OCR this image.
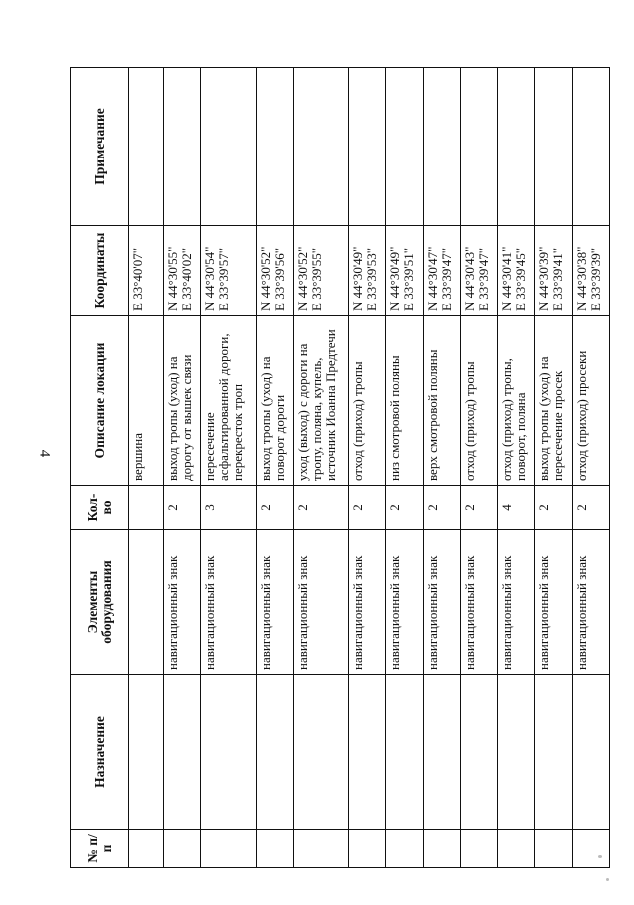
4
№ п/п	Назначение	Элементы оборудования	Кол-во	Описание локации	Координаты	Примечание
				вершина	E 33°40'07"	

		навигационный знак	2	выход тропы (уход) на дорогу от вышек связи	N 44°30'55" E 33°40'02"	

		навигационный знак	3	пересечение асфальтированной дороги, перекресток троп	N 44°30'54" E 33°39'57"	

		навигационный знак	2	выход тропы (уход) на поворот дороги	N 44°30'52" E 33°39'56"	

		навигационный знак	2	уход (выход) с дороги на тропу, поляна, купель, источник Иоанна Предтечи	N 44°30'52" E 33°39'55"	

		навигационный знак	2	отход (приход) тропы	N 44°30'49" E 33°39'53"	

		навигационный знак	2	низ смотровой поляны	N 44°30'49" E 33°39'51"	

		навигационный знак	2	верх смотровой поляны	N 44°30'47" E 33°39'47"	

		навигационный знак	2	отход (приход) тропы	N 44°30'43" E 33°39'47"	

		навигационный знак	4	отход (приход) тропы, поворот, поляна	N 44°30'41" E 33°39'45"	

		навигационный знак	2	выход тропы (уход) на пересечение просек	N 44°30'39" E 33°39'41"	

		навигационный знак	2	отход (приход) просеки	N 44°30'38" E 33°39'39"	
